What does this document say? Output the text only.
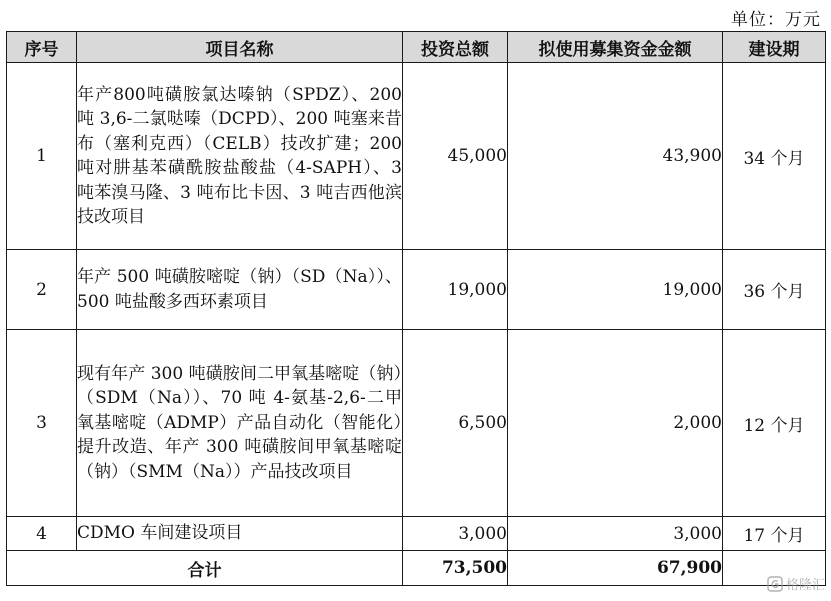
单位：万元
序号	项目名称	投资总额	拟使用募集资金金额	建设期
1	年产800吨磺胺氯达嗪钠（SPDZ）、200 吨 3,6-二氯哒嗪（DCPD）、200 吨塞来昔布（塞利克西）（CELB）技改扩建；200 吨对肼基苯磺酰胺盐酸盐（4-SAPH）、3 吨苯溴马隆、3 吨布比卡因、3 吨吉西他滨技改项目	45,000	43,900	34 个月
2	年产 500 吨磺胺嘧啶（钠）（SD（Na））、500 吨盐酸多西环素项目	19,000	19,000	36 个月
3	现有年产 300 吨磺胺间二甲氧基嘧啶（钠）（SDM（Na））、70 吨 4-氨基-2,6-二甲氧基嘧啶（ADMP）产品自动化（智能化）提升改造、年产 300 吨磺胺间甲氧基嘧啶（钠）（SMM（Na））产品技改项目	6,500	2,000	12 个月
4	CDMO 车间建设项目	3,000	3,000	17 个月
合计		73,500	67,900	
格隆汇
